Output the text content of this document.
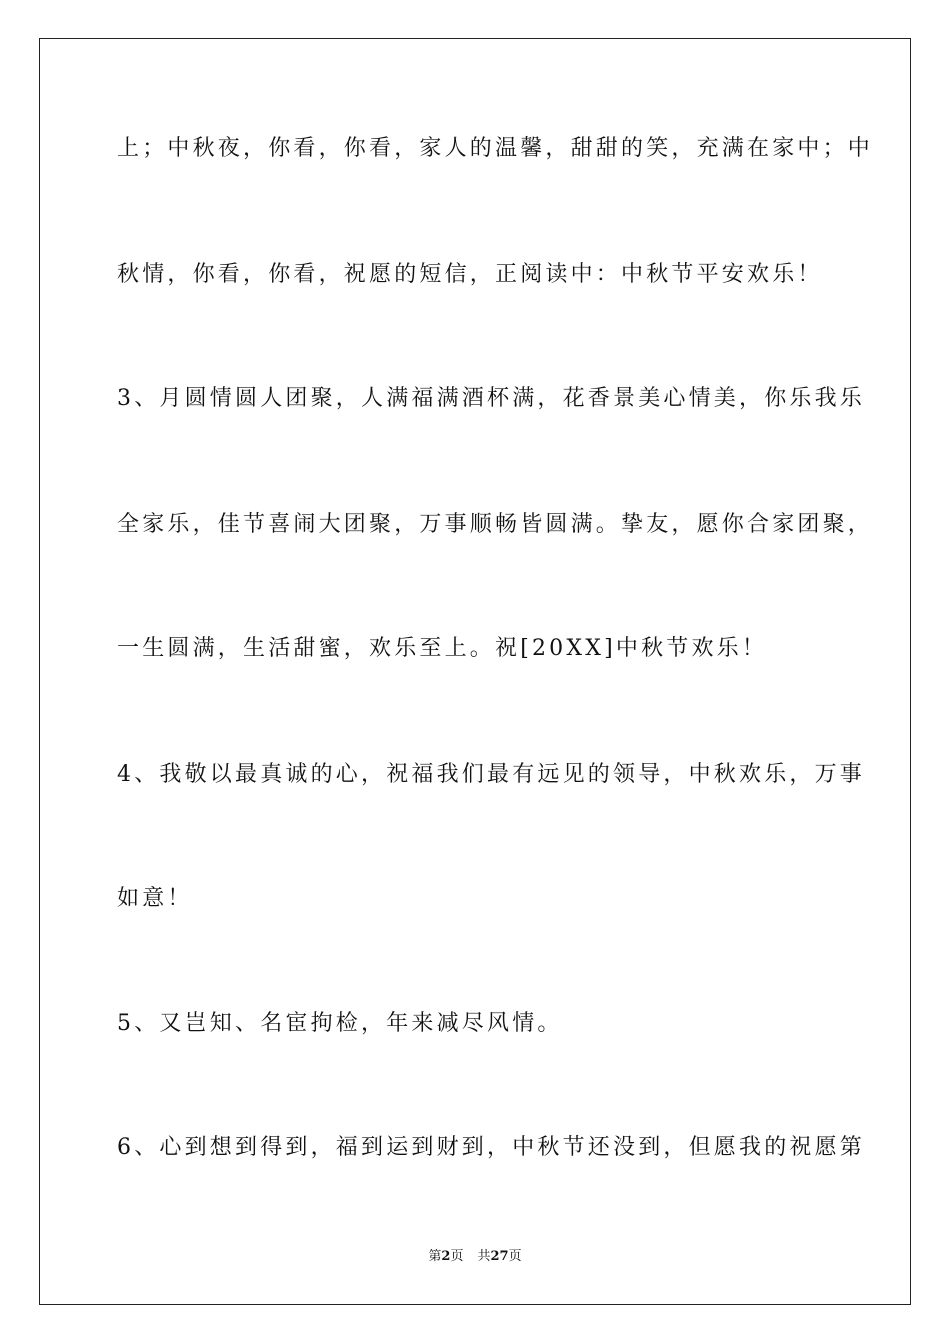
上；中秋夜，你看，你看，家人的温馨，甜甜的笑，充满在家中；中
秋情，你看，你看，祝愿的短信，正阅读中：中秋节平安欢乐！
3、月圆情圆人团聚，人满福满酒杯满，花香景美心情美，你乐我乐
全家乐，佳节喜闹大团聚，万事顺畅皆圆满。挚友，愿你合家团聚，
一生圆满，生活甜蜜，欢乐至上。祝[20XX]中秋节欢乐！
4、我敬以最真诚的心，祝福我们最有远见的领导，中秋欢乐，万事
如意！
5、又岂知、名宦拘检，年来减尽风情。
6、心到想到得到，福到运到财到，中秋节还没到，但愿我的祝愿第
第2页 共27页
